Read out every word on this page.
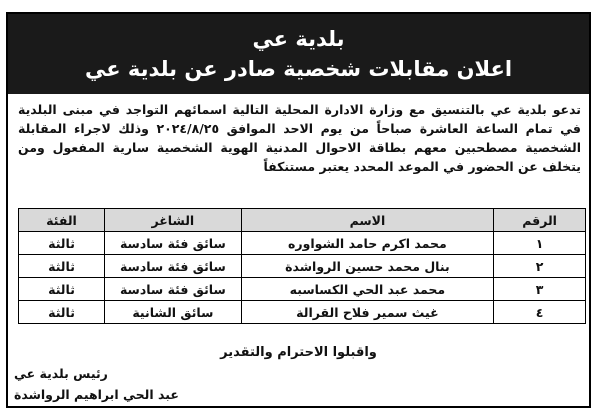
بلدية عي
اعلان مقابلات شخصية صادر عن بلدية عي
تدعو بلدية عي بالتنسيق مع وزارة الادارة المحلية التالية اسمائهم التواجد في مبنى البلدية في تمام الساعة العاشرة صباحاً من يوم الاحد الموافق ٢٠٢٤/٨/٢٥ وذلك لاجراء المقابلة الشخصية مصطحبين معهم بطاقة الاحوال المدنية الهوية الشخصية سارية المفعول ومن يتخلف عن الحضور في الموعد المحدد يعتبر مستنكفاً
الرقم	الاسم	الشاغر	الفئة
١	محمد اكرم حامد الشواوره	سائق فئة سادسة	ثالثة
٢	بنال محمد حسين الرواشدة	سائق فئة سادسة	ثالثة
٣	محمد عبد الحي الكساسبه	سائق فئة سادسة	ثالثة
٤	غيث سمير فلاح القرالة	سائق الشانية	ثالثة
واقبلوا الاحترام والتقدير
رئيس بلدية عي
عبد الحي ابراهيم الرواشدة
